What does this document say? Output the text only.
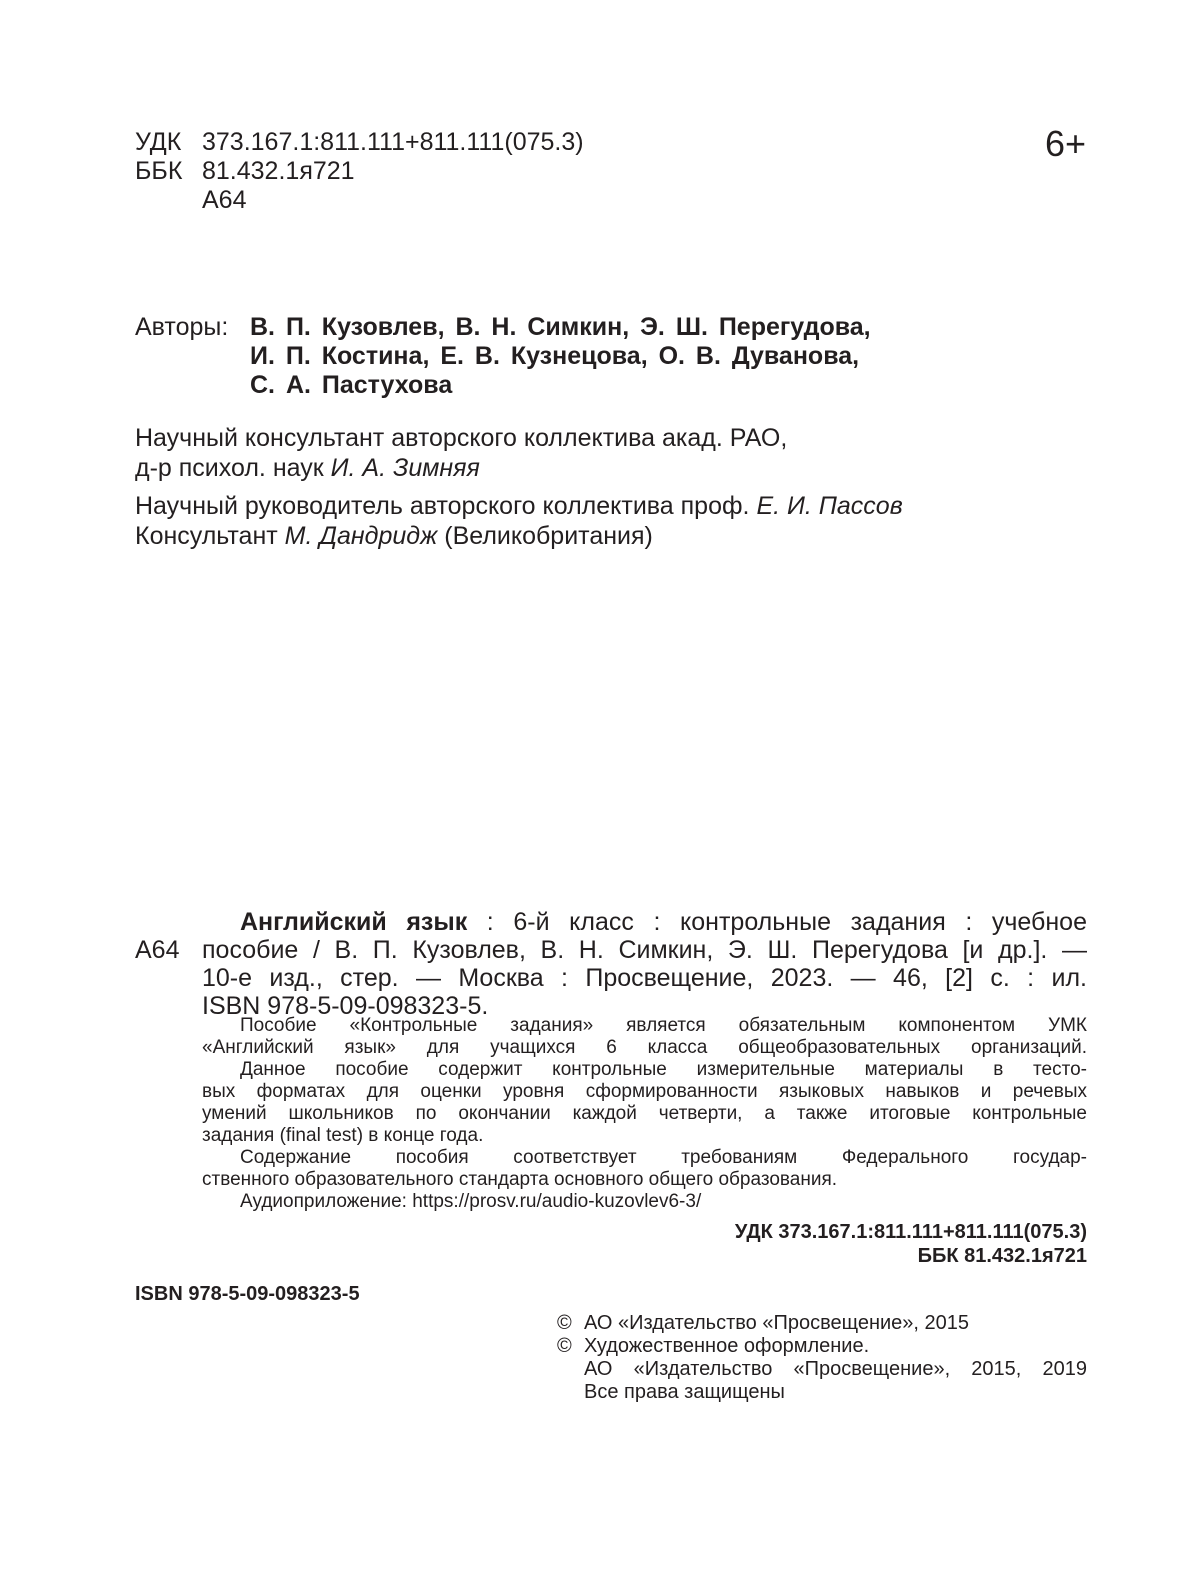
УДК 373.167.1:811.111+811.111(075.3)
ББК 81.432.1я721
А64
6+
Авторы: В. П. Кузовлев, В. Н. Симкин, Э. Ш. Перегудова,
И. П. Костина, Е. В. Кузнецова, О. В. Дуванова,
С. А. Пастухова
Научный консультант авторского коллектива акад. РАО,
д-р психол. наук И. А. Зимняя
Научный руководитель авторского коллектива проф. Е. И. Пассов
Консультант М. Дандридж (Великобритания)
А64
Английский язык : 6-й класс : контрольные задания : учебное
пособие / В. П. Кузовлев, В. Н. Симкин, Э. Ш. Перегудова [и др.]. —
10-е изд., стер. — Москва : Просвещение, 2023. — 46, [2] с. : ил.
ISBN 978-5-09-098323-5.
Пособие «Контрольные задания» является обязательным компонентом УМК
«Английский язык» для учащихся 6 класса общеобразовательных организаций.
Данное пособие содержит контрольные измерительные материалы в тесто-
вых форматах для оценки уровня сформированности языковых навыков и речевых
умений школьников по окончании каждой четверти, а также итоговые контрольные
задания (final test) в конце года.
Содержание пособия соответствует требованиям Федерального государ-
ственного образовательного стандарта основного общего образования.
Аудиоприложение: https://prosv.ru/audio-kuzovlev6-3/
УДК 373.167.1:811.111+811.111(075.3)
ББК 81.432.1я721
ISBN 978-5-09-098323-5
© АО «Издательство «Просвещение», 2015
© Художественное оформление.
АО «Издательство «Просвещение», 2015, 2019
Все права защищены
